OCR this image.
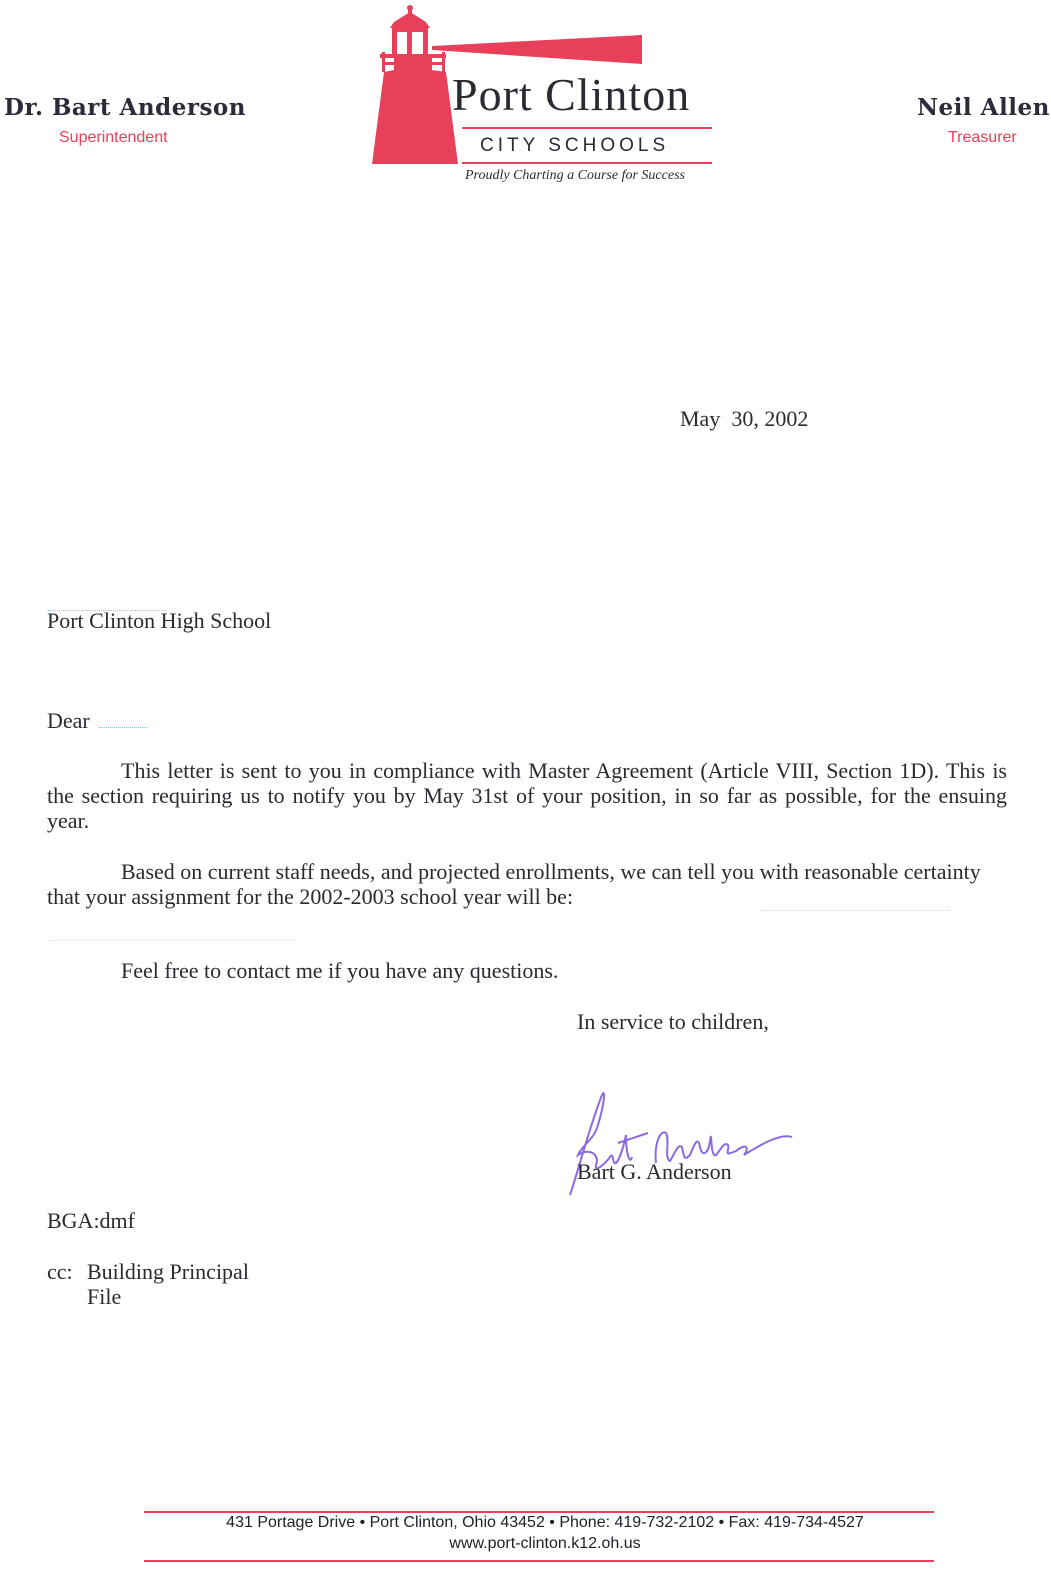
Dr. Bart Anderson
Superintendent
Neil Allen
Treasurer
Port Clinton
CITY SCHOOLS
Proudly Charting a Course for Success
May  30, 2002
Port Clinton High School
Dear
This letter is sent to you in compliance with Master Agreement (Article VIII, Section 1D). This is the section requiring us to notify you by May 31st of your position, in so far as possible, for the ensuing year.
Based on current staff needs, and projected enrollments, we can tell you with reasonable certainty that your assignment for the 2002-2003 school year will be:
Feel free to contact me if you have any questions.
In service to children,
Bart G. Anderson
BGA:dmf
cc: Building Principal
File
431 Portage Drive • Port Clinton, Ohio 43452 • Phone: 419-732-2102 • Fax: 419-734-4527
www.port-clinton.k12.oh.us
